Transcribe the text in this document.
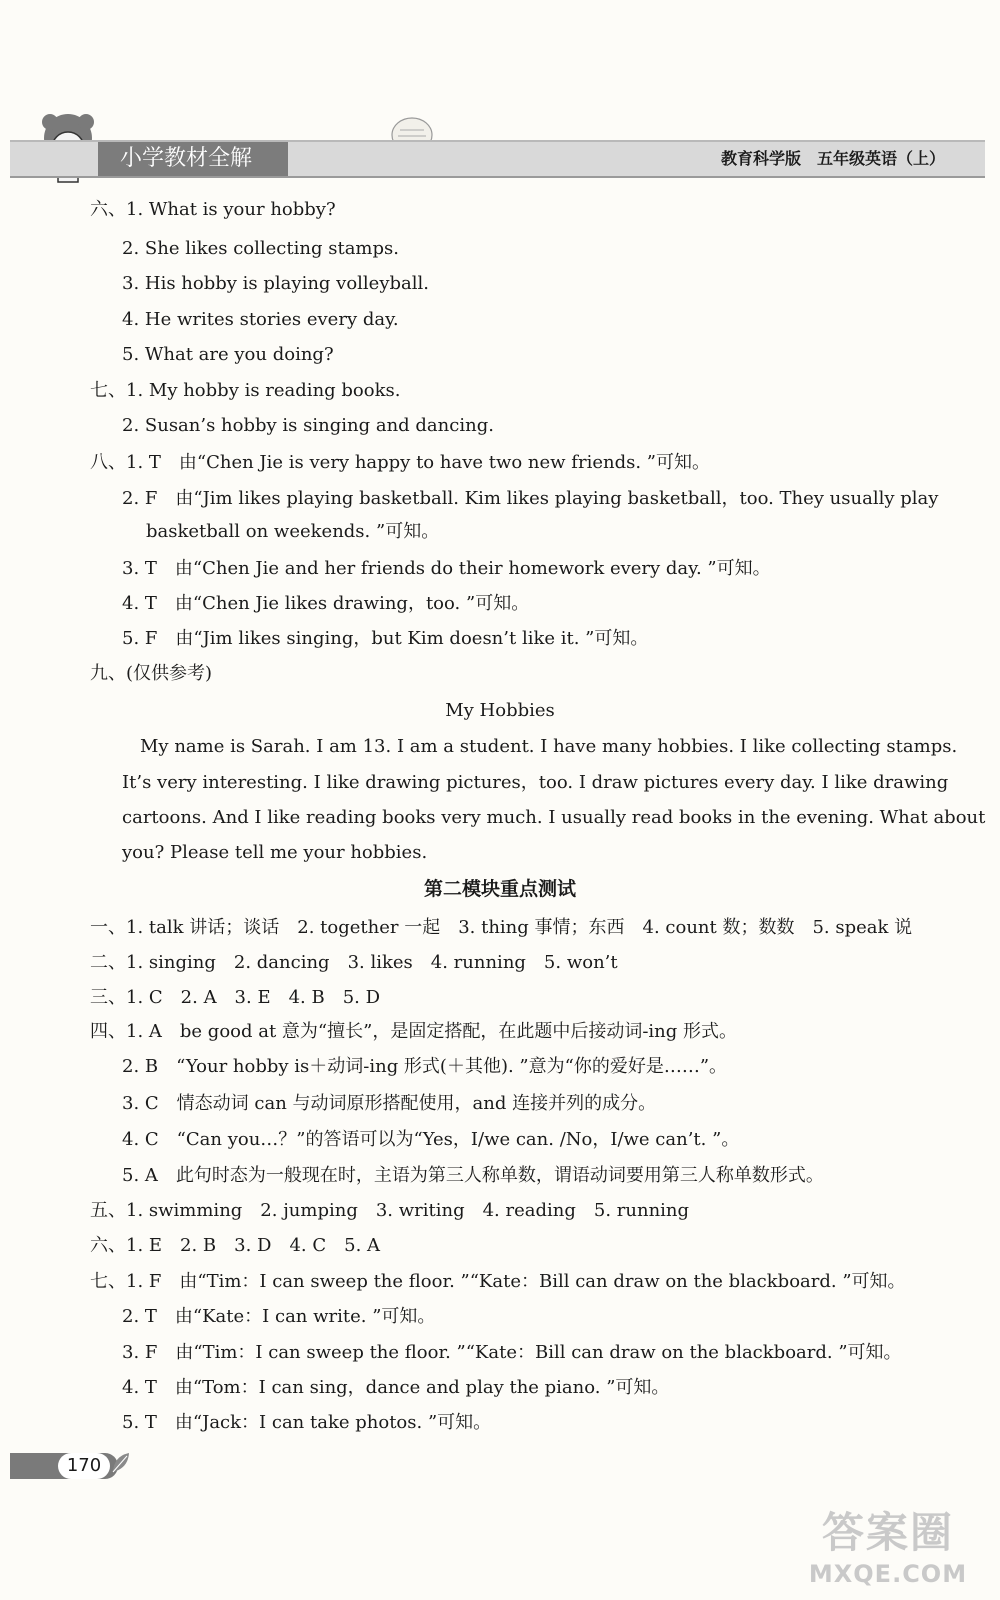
小学教材全解	教育科学版　五年级英语（上）
My Hobbies
第二模块重点测试
六、1. What is your hobby?
2. She likes collecting stamps.
3. His hobby is playing volleyball.
4. He writes stories every day.
5. What are you doing?
七、1. My hobby is reading books.
2. Susan’s hobby is singing and dancing.
八、1. T　由“Chen Jie is very happy to have two new friends. ”可知。
2. F　由“Jim likes playing basketball. Kim likes playing basketball，too. They usually play
basketball on weekends. ”可知。
3. T　由“Chen Jie and her friends do their homework every day. ”可知。
4. T　由“Chen Jie likes drawing，too. ”可知。
5. F　由“Jim likes singing，but Kim doesn’t like it. ”可知。
九、(仅供参考)
　My name is Sarah. I am 13. I am a student. I have many hobbies. I like collecting stamps.
It’s very interesting. I like drawing pictures，too. I draw pictures every day. I like drawing
cartoons. And I like reading books very much. I usually read books in the evening. What about
you? Please tell me your hobbies.
一、1. talk 讲话；谈话　2. together 一起　3. thing 事情；东西　4. count 数；数数　5. speak 说
二、1. singing　2. dancing　3. likes　4. running　5. won’t
三、1. C　2. A　3. E　4. B　5. D
四、1. A　be good at 意为“擅长”，是固定搭配，在此题中后接动词-ing 形式。
2. B　“Your hobby is＋动词-ing 形式(＋其他). ”意为“你的爱好是……”。
3. C　情态动词 can 与动词原形搭配使用，and 连接并列的成分。
4. C　“Can you…？”的答语可以为“Yes，I/we can. /No，I/we can’t. ”。
5. A　此句时态为一般现在时，主语为第三人称单数，谓语动词要用第三人称单数形式。
五、1. swimming　2. jumping　3. writing　4. reading　5. running
六、1. E　2. B　3. D　4. C　5. A
七、1. F　由“Tim：I can sweep the floor. ”“Kate：Bill can draw on the blackboard. ”可知。
2. T　由“Kate：I can write. ”可知。
3. F　由“Tim：I can sweep the floor. ”“Kate：Bill can draw on the blackboard. ”可知。
4. T　由“Tom：I can sing，dance and play the piano. ”可知。
5. T　由“Jack：I can take photos. ”可知。
170
答案圈
MXQE.COM
